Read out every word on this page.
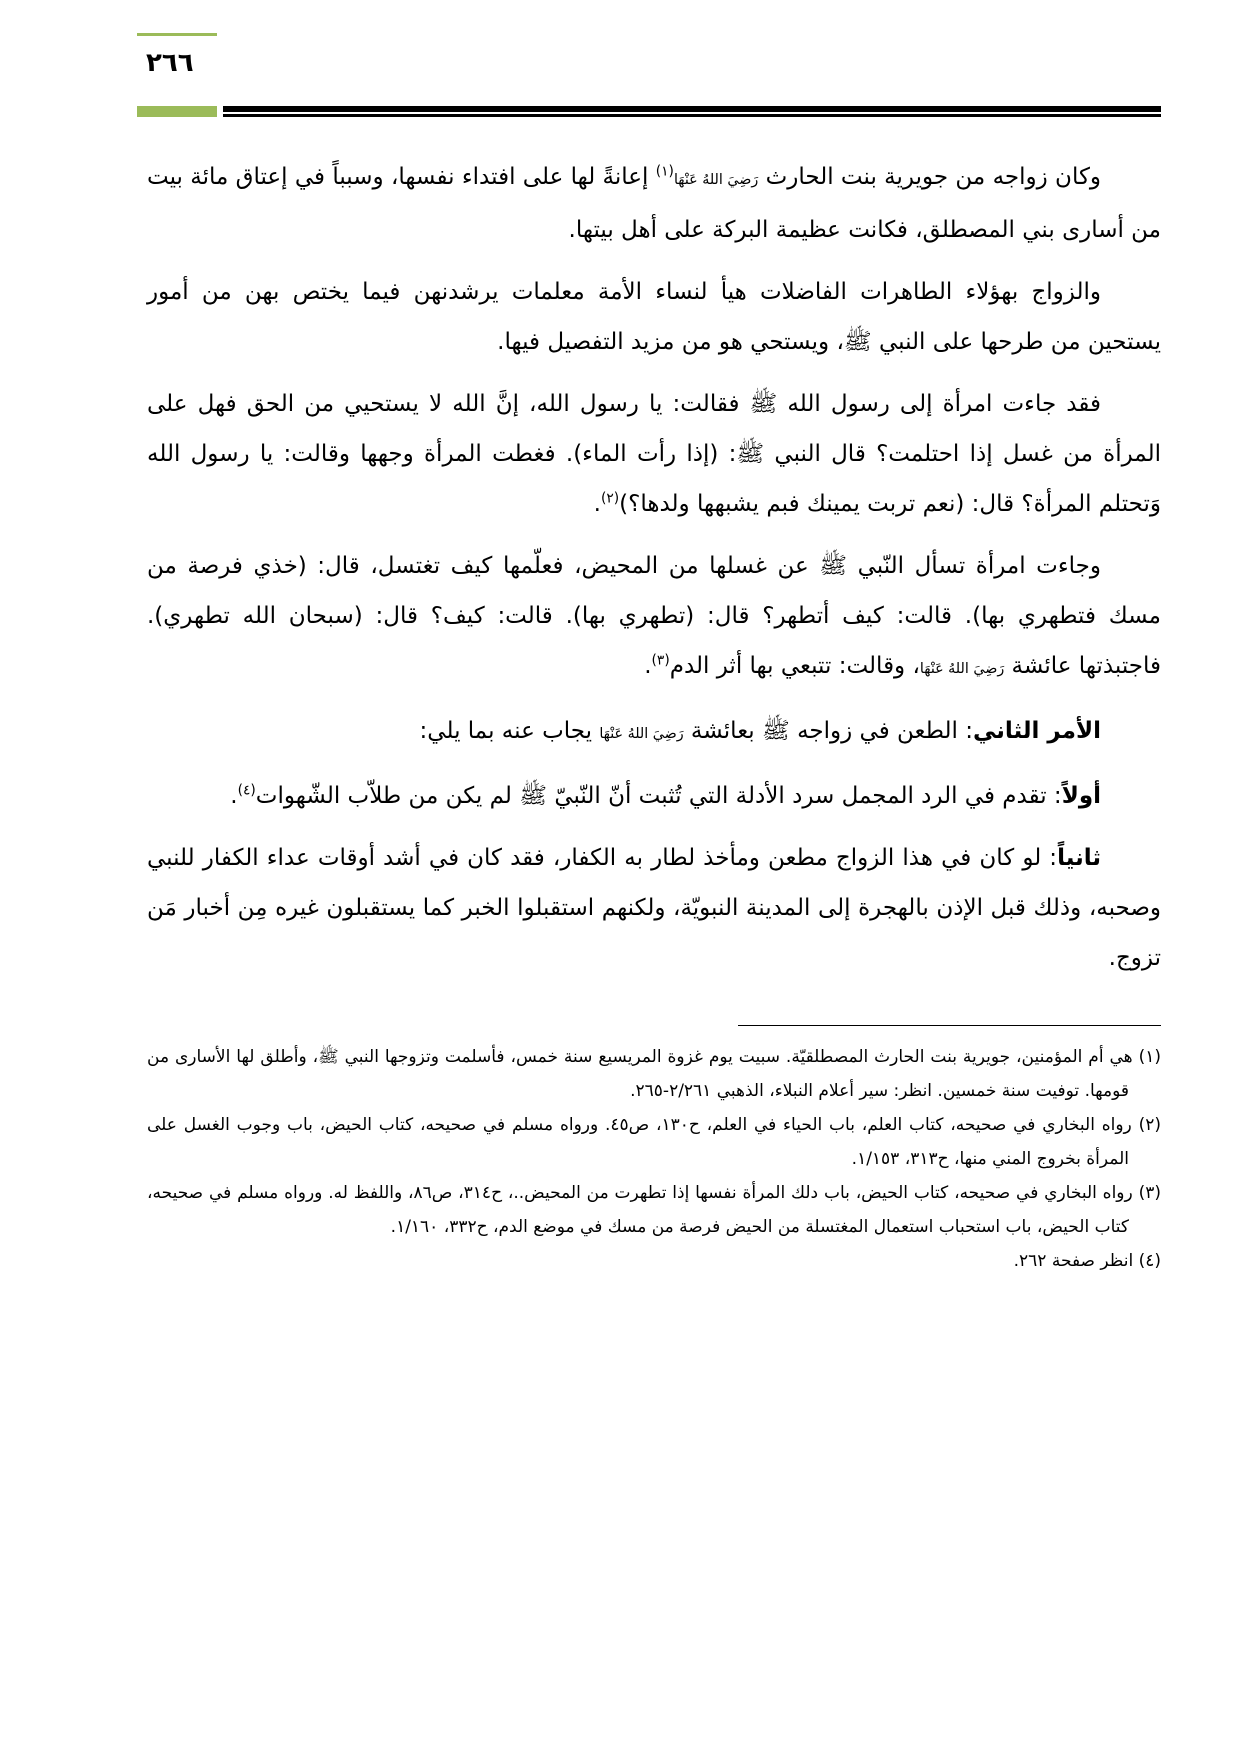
٢٦٦

وكان زواجه من جويرية بنت الحارث رَضِيَ اللهُ عَنْهَا$^{(١)}$ إعانةً لها على افتداء نفسها، وسبباً في إعتاق مائة بيت من أسارى بني المصطلق، فكانت عظيمة البركة على أهل بيتها.

والزواج بهؤلاء الطاهرات الفاضلات هيأ لنساء الأمة معلمات يرشدنهن فيما يختص بهن من أمور يستحين من طرحها على النبي ﷺ، ويستحي هو من مزيد التفصيل فيها.

فقد جاءت امرأة إلى رسول الله ﷺ فقالت: يا رسول الله، إنَّ الله لا يستحيي من الحق فهل على المرأة من غسل إذا احتلمت؟ قال النبي ﷺ: (إذا رأت الماء). فغطت المرأة وجهها وقالت: يا رسول الله وَتحتلم المرأة؟ قال: (نعم تربت يمينك فبم يشبهها ولدها؟)$^{(٢)}$.

وجاءت امرأة تسأل النّبي ﷺ عن غسلها من المحيض، فعلّمها كيف تغتسل، قال: (خذي فرصة من مسك فتطهري بها). قالت: كيف أتطهر؟ قال: (تطهري بها). قالت: كيف؟ قال: (سبحان الله تطهري). فاجتبذتها عائشة رَضِيَ اللهُ عَنْهَا، وقالت: تتبعي بها أثر الدم$^{(٣)}$.

الأمر الثاني: الطعن في زواجه ﷺ بعائشة رَضِيَ اللهُ عَنْهَا يجاب عنه بما يلي:

أولاً: تقدم في الرد المجمل سرد الأدلة التي تُثبت أنّ النّبيّ ﷺ لم يكن من طلاّب الشّهوات$^{(٤)}$.

ثانياً: لو كان في هذا الزواج مطعن ومأخذ لطار به الكفار، فقد كان في أشد أوقات عداء الكفار للنبي وصحبه، وذلك قبل الإذن بالهجرة إلى المدينة النبويّة، ولكنهم استقبلوا الخبر كما يستقبلون غيره مِن أخبار مَن تزوج.

(١) هي أم المؤمنين، جويرية بنت الحارث المصطلقيّة. سبيت يوم غزوة المريسيع سنة خمس، فأسلمت وتزوجها النبي ﷺ، وأطلق لها الأسارى من قومها. توفيت سنة خمسين. انظر: سير أعلام النبلاء، الذهبي ٢/٢٦١-٢٦٥.

(٢) رواه البخاري في صحيحه، كتاب العلم، باب الحياء في العلم، ح١٣٠، ص٤٥. ورواه مسلم في صحيحه، كتاب الحيض، باب وجوب الغسل على المرأة بخروج المني منها، ح٣١٣، ١/١٥٣.

(٣) رواه البخاري في صحيحه، كتاب الحيض، باب دلك المرأة نفسها إذا تطهرت من المحيض..، ح٣١٤، ص٨٦، واللفظ له. ورواه مسلم في صحيحه، كتاب الحيض، باب استحباب استعمال المغتسلة من الحيض فرصة من مسك في موضع الدم، ح٣٣٢، ١/١٦٠.

(٤) انظر صفحة ٢٦٢.
